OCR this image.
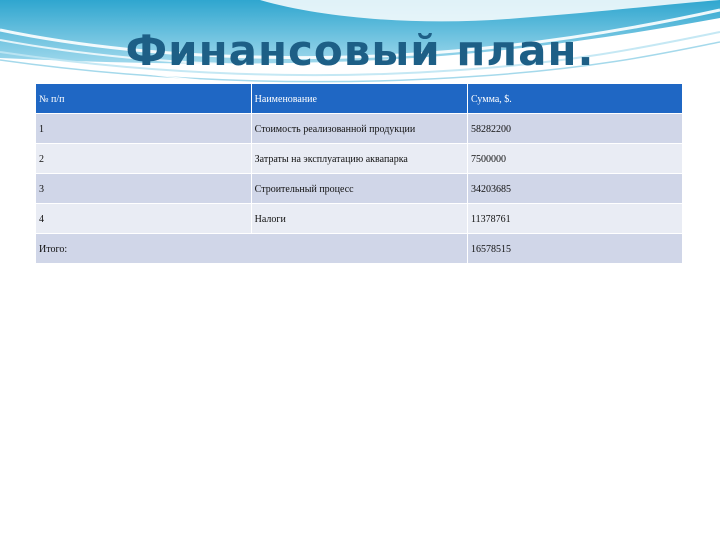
Финансовый план.
№ п/п	Наименование	Сумма, $.
1	Стоимость реализованной продукции	58282200
2	Затраты на эксплуатацию аквапарка	7500000
3	Строительный процесс	34203685
4	Налоги	11378761
Итого:		16578515
